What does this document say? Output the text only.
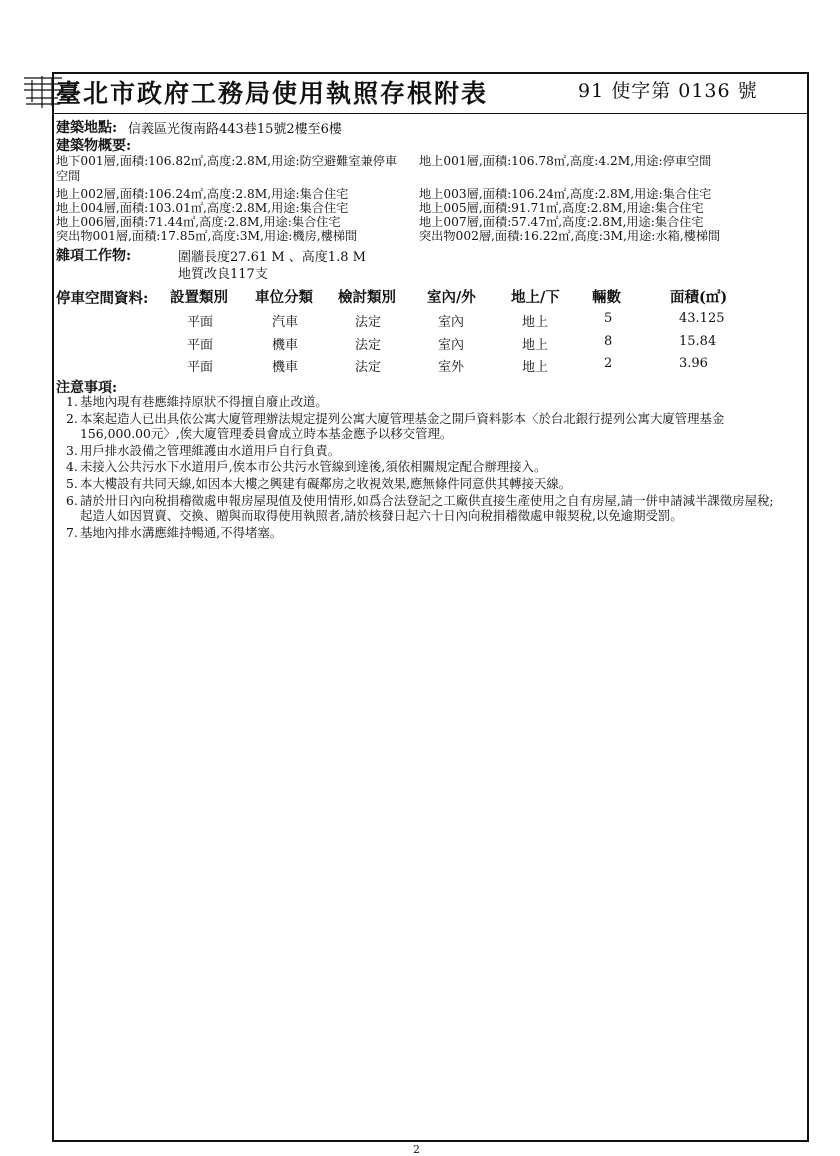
臺北市政府工務局使用執照存根附表	91 使字第 0136 號
建築地點: 信義區光復南路443巷15號2樓至6樓
建築物概要:
地下001層,面積:106.82㎡,高度:2.8M,用途:防空避難室兼停車 地上001層,面積:106.78㎡,高度:4.2M,用途:停車空間
空間
地上002層,面積:106.24㎡,高度:2.8M,用途:集合住宅	地上003層,面積:106.24㎡,高度:2.8M,用途:集合住宅
地上004層,面積:103.01㎡,高度:2.8M,用途:集合住宅	地上005層,面積:91.71㎡,高度:2.8M,用途:集合住宅
地上006層,面積:71.44㎡,高度:2.8M,用途:集合住宅	地上007層,面積:57.47㎡,高度:2.8M,用途:集合住宅
突出物001層,面積:17.85㎡,高度:3M,用途:機房,樓梯間	突出物002層,面積:16.22㎡,高度:3M,用途:水箱,樓梯間
雜項工作物:	圍牆長度27.61 M 、高度1.8 M
地質改良117支
停車空間資料: 設置類別 車位分類 檢討類別 室內/外 地上/下 輛數	面積(㎡)
平面	汽車	法定	室內	地上	5	43.125
平面	機車	法定	室內	地上	8	15.84
平面	機車	法定	室外	地上	2	3.96
注意事項:
1. 基地內現有巷應維持原狀不得擅自廢止改道。
2. 本案起造人已出具依公寓大廈管理辦法規定提列公寓大廈管理基金之開戶資料影本〈於台北銀行提列公寓大廈管理基金156,000.00元〉,俟大廈管理委員會成立時本基金應予以移交管理。
3. 用戶排水設備之管理維護由水道用戶自行負責。
4. 未接入公共污水下水道用戶,俟本市公共污水管線到達後,須依相關規定配合辦理接入。
5. 本大樓設有共同天線,如因本大樓之興建有礙鄰房之收視效果,應無條件同意供其轉接天線。
6. 請於卅日內向稅捐稽徵處申報房屋現值及使用情形,如爲合法登記之工廠供直接生產使用之自有房屋,請一併申請減半課徵房屋稅;起造人如因買賣、交換、贈與而取得使用執照者,請於核發日起六十日內向稅捐稽徵處申報契稅,以免逾期受罰。
7. 基地內排水溝應維持暢通,不得堵塞。
2
